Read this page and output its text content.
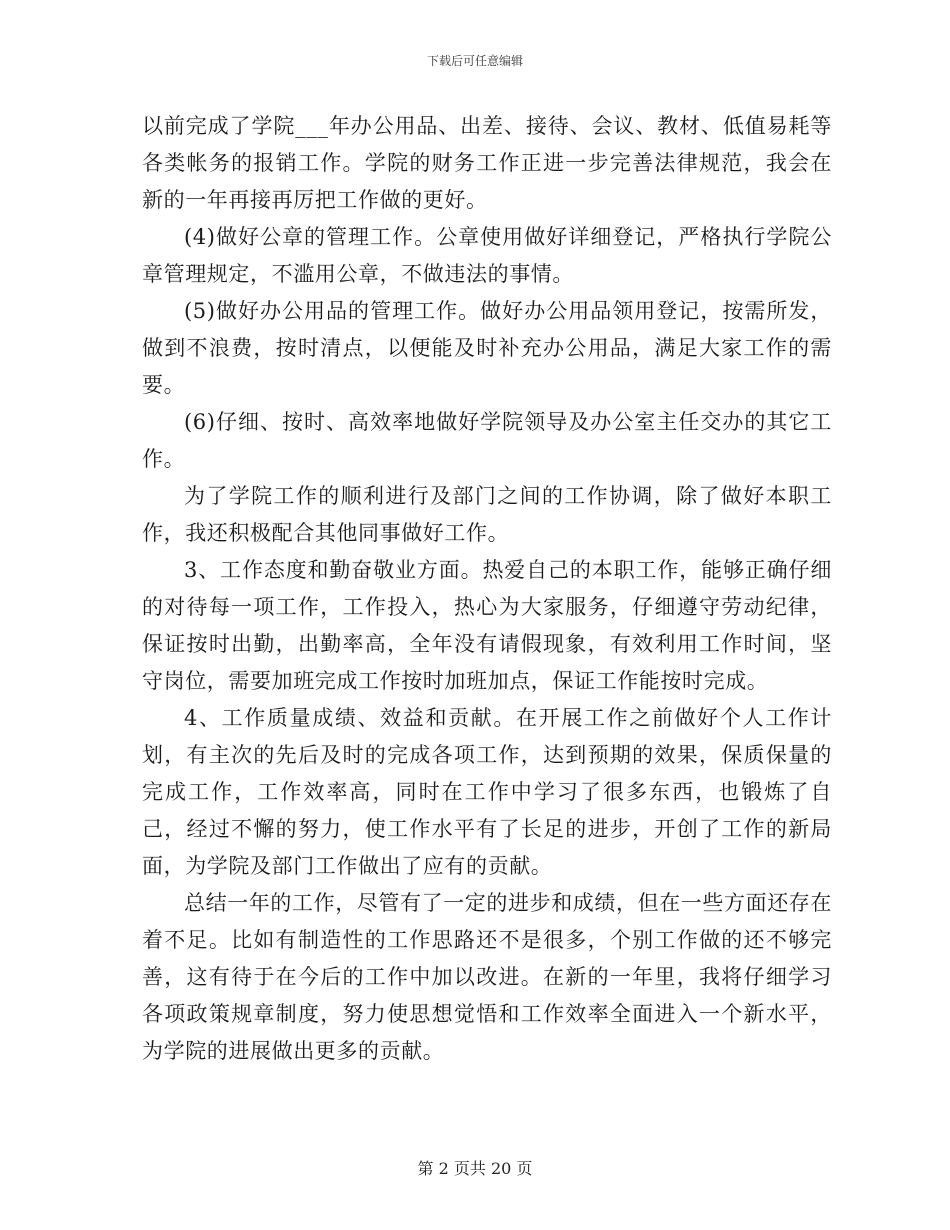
下载后可任意编辑

以前完成了学院___年办公用品、出差、接待、会议、教材、低值易耗等各类帐务的报销工作。学院的财务工作正进一步完善法律规范，我会在新的一年再接再厉把工作做的更好。

(4)做好公章的管理工作。公章使用做好详细登记，严格执行学院公章管理规定，不滥用公章，不做违法的事情。

(5)做好办公用品的管理工作。做好办公用品领用登记，按需所发，做到不浪费，按时清点，以便能及时补充办公用品，满足大家工作的需要。

(6)仔细、按时、高效率地做好学院领导及办公室主任交办的其它工作。

为了学院工作的顺利进行及部门之间的工作协调，除了做好本职工作，我还积极配合其他同事做好工作。

3、工作态度和勤奋敬业方面。热爱自己的本职工作，能够正确仔细的对待每一项工作，工作投入，热心为大家服务，仔细遵守劳动纪律，保证按时出勤，出勤率高，全年没有请假现象，有效利用工作时间，坚守岗位，需要加班完成工作按时加班加点，保证工作能按时完成。

4、工作质量成绩、效益和贡献。在开展工作之前做好个人工作计划，有主次的先后及时的完成各项工作，达到预期的效果，保质保量的完成工作，工作效率高，同时在工作中学习了很多东西，也锻炼了自己，经过不懈的努力，使工作水平有了长足的进步，开创了工作的新局面，为学院及部门工作做出了应有的贡献。

总结一年的工作，尽管有了一定的进步和成绩，但在一些方面还存在着不足。比如有制造性的工作思路还不是很多，个别工作做的还不够完善，这有待于在今后的工作中加以改进。在新的一年里，我将仔细学习各项政策规章制度，努力使思想觉悟和工作效率全面进入一个新水平，为学院的进展做出更多的贡献。

第 2 页共 20 页
